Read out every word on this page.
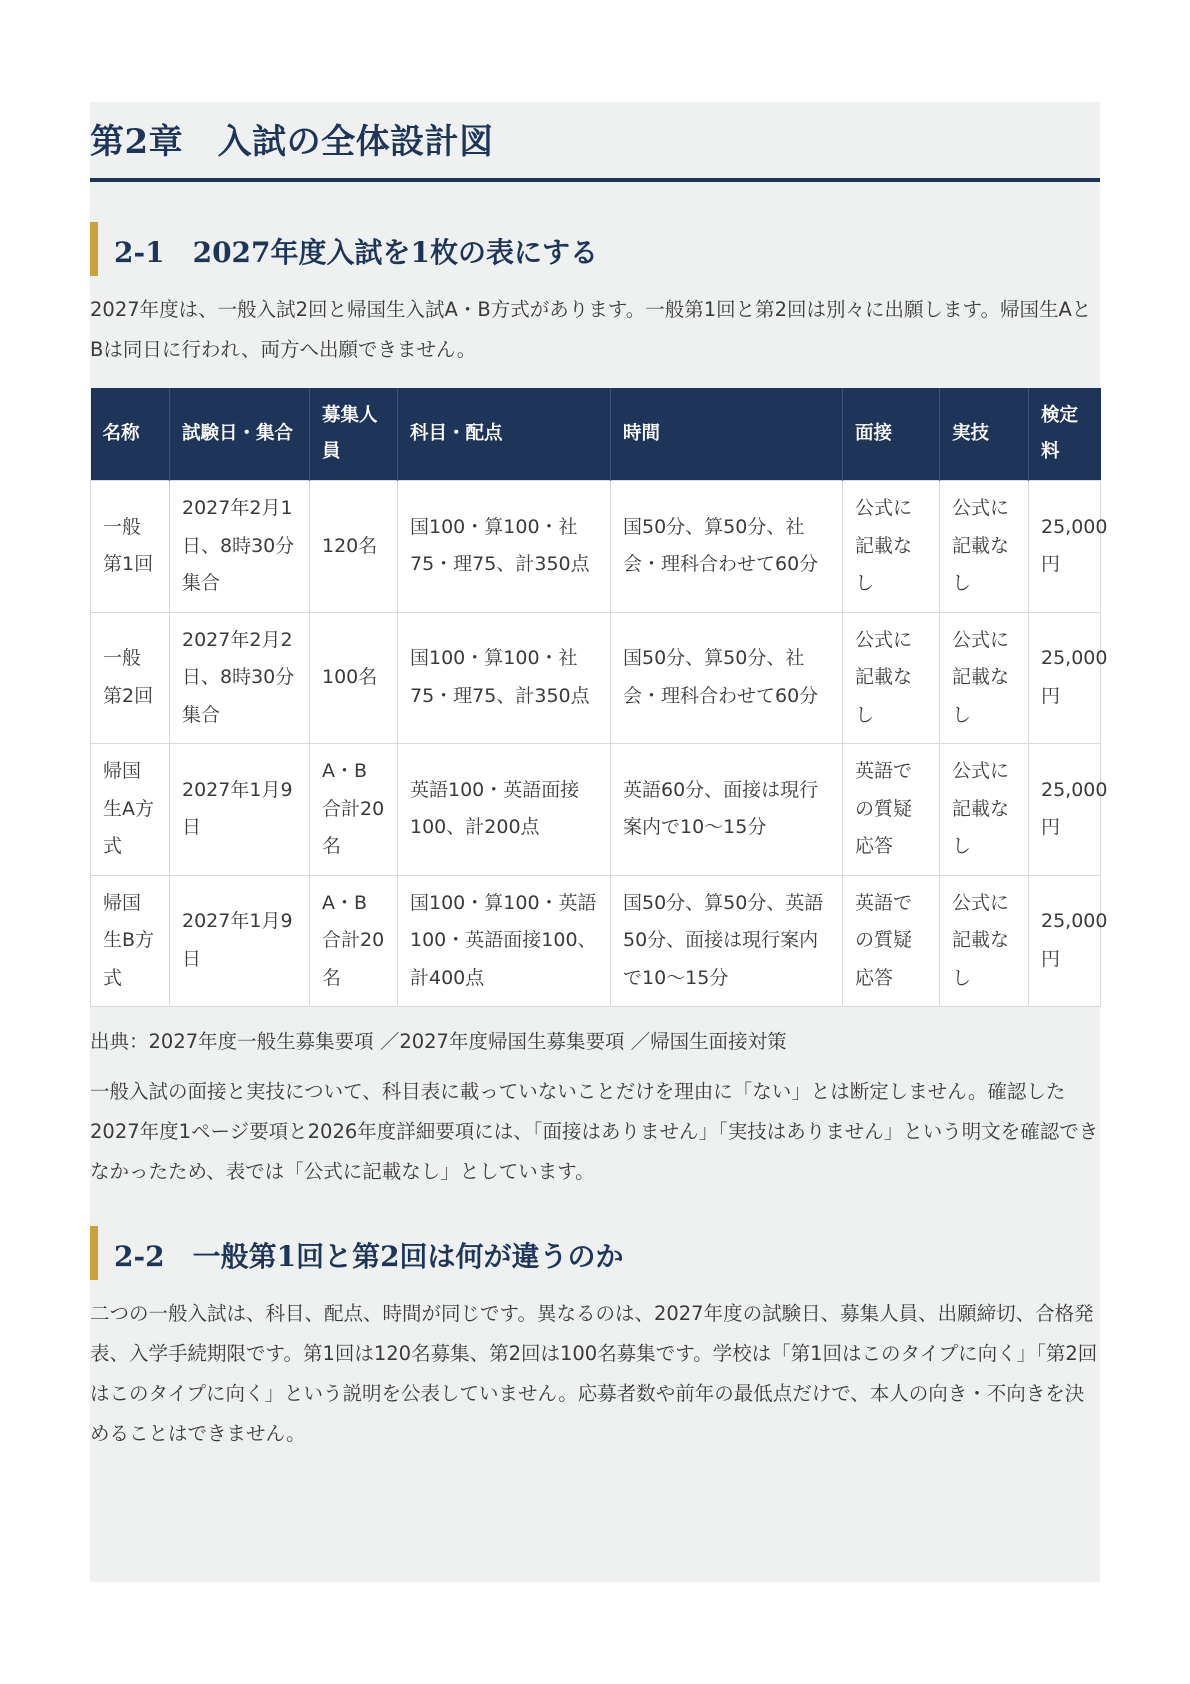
第2章　入試の全体設計図
2-1　2027年度入試を1枚の表にする

2027年度は、一般入試2回と帰国生入試A・B方式があります。一般第1回と第2回は別々に出願します。帰国生AとBは同日に行われ、両方へ出願できません。

名称	試験日・集合	募集人員	科目・配点	時間	面接	実技	検定料
一般第1回	2027年2月1日、8時30分集合	120名	国100・算100・社75・理75、計350点	国50分、算50分、社会・理科合わせて60分	公式に記載なし	公式に記載なし	25,000円
一般第2回	2027年2月2日、8時30分集合	100名	国100・算100・社75・理75、計350点	国50分、算50分、社会・理科合わせて60分	公式に記載なし	公式に記載なし	25,000円
帰国生A方式	2027年1月9日	A・B合計20名	英語100・英語面接100、計200点	英語60分、面接は現行案内で10〜15分	英語での質疑応答	公式に記載なし	25,000円
帰国生B方式	2027年1月9日	A・B合計20名	国100・算100・英語100・英語面接100、計400点	国50分、算50分、英語50分、面接は現行案内で10〜15分	英語での質疑応答	公式に記載なし	25,000円

出典：2027年度一般生募集要項 ／2027年度帰国生募集要項 ／帰国生面接対策

一般入試の面接と実技について、科目表に載っていないことだけを理由に「ない」とは断定しません。確認した2027年度1ページ要項と2026年度詳細要項には、「面接はありません」「実技はありません」という明文を確認できなかったため、表では「公式に記載なし」としています。

2-2　一般第1回と第2回は何が違うのか

二つの一般入試は、科目、配点、時間が同じです。異なるのは、2027年度の試験日、募集人員、出願締切、合格発表、入学手続期限です。第1回は120名募集、第2回は100名募集です。学校は「第1回はこのタイプに向く」「第2回はこのタイプに向く」という説明を公表していません。応募者数や前年の最低点だけで、本人の向き・不向きを決めることはできません。
